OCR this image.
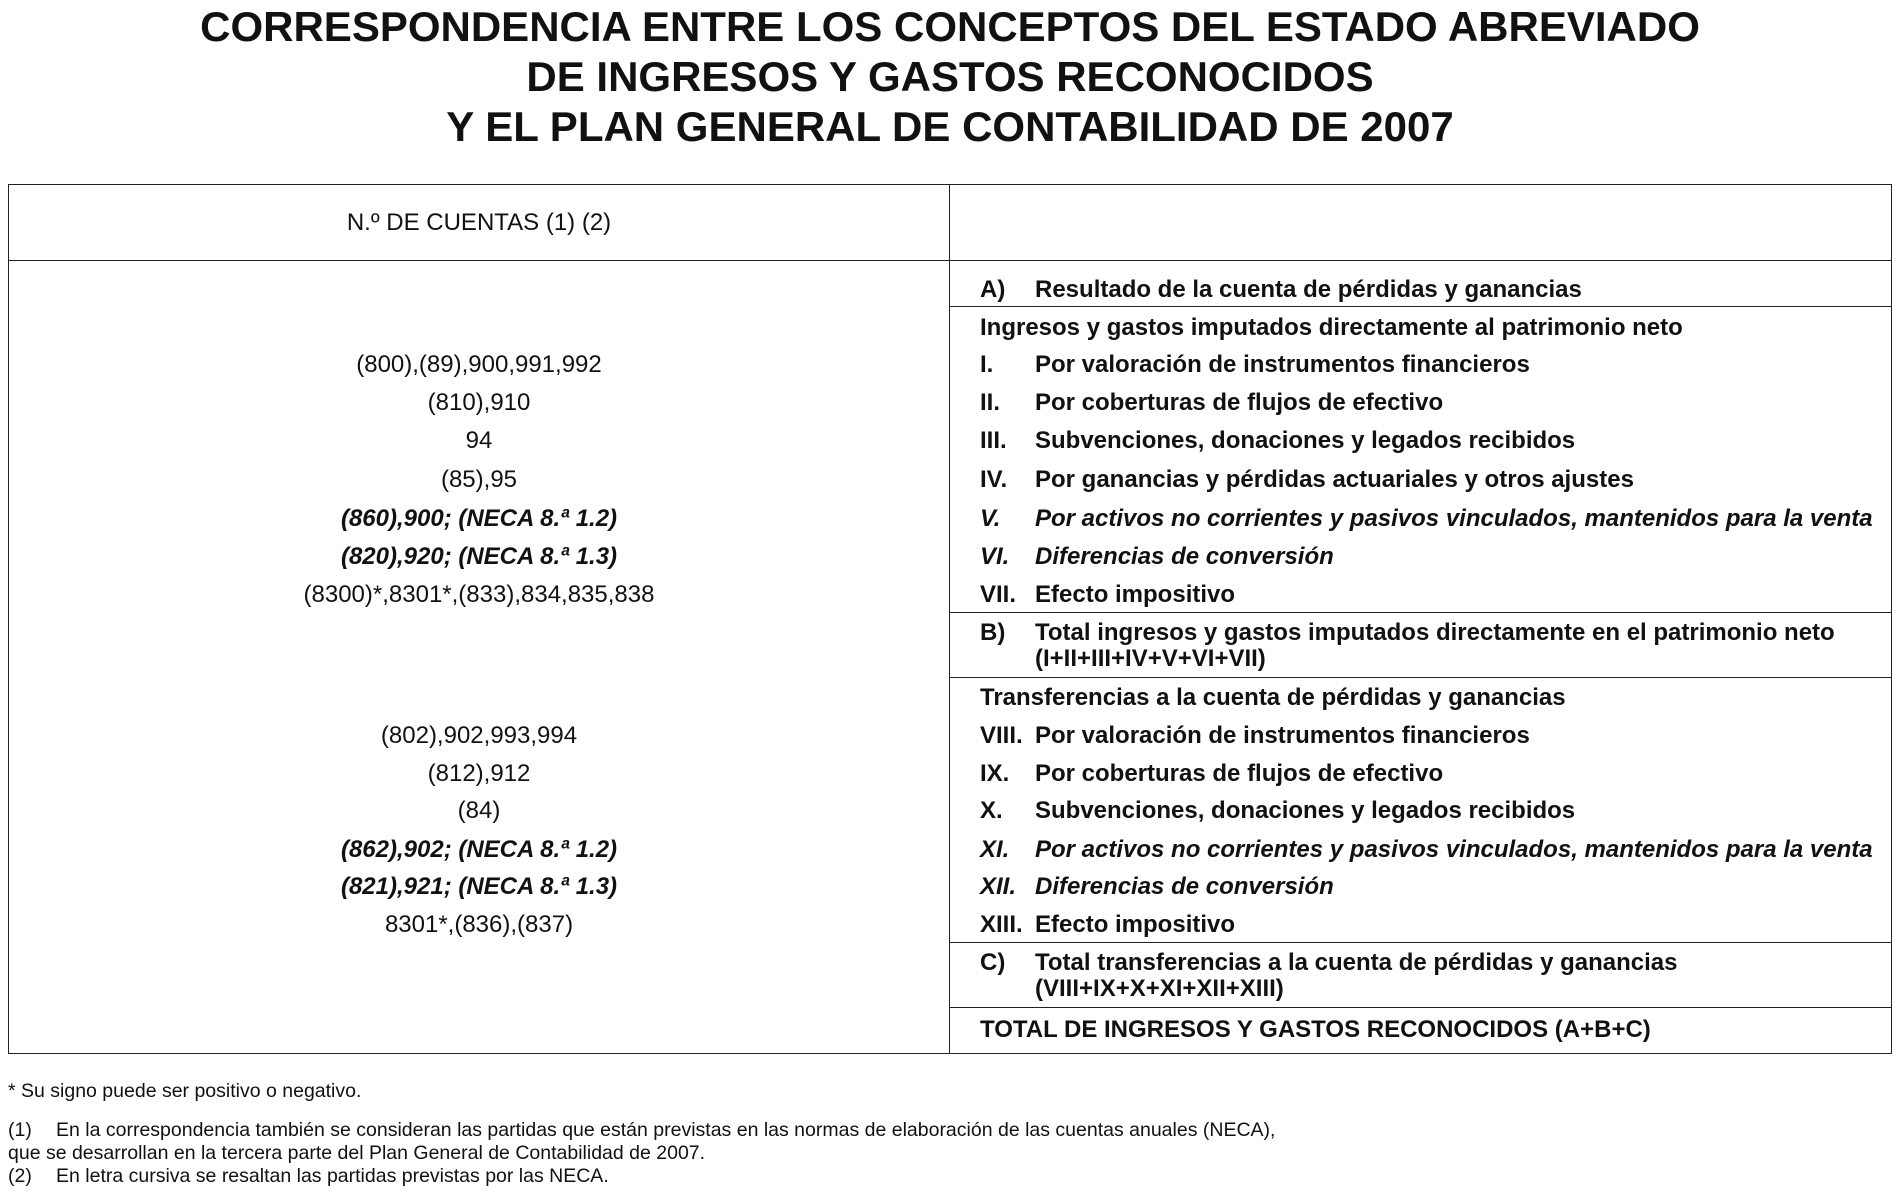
CORRESPONDENCIA ENTRE LOS CONCEPTOS DEL ESTADO ABREVIADO
DE INGRESOS Y GASTOS RECONOCIDOS
Y EL PLAN GENERAL DE CONTABILIDAD DE 2007
N.º DE CUENTAS (1) (2)
A) Resultado de la cuenta de pérdidas y ganancias
Ingresos y gastos imputados directamente al patrimonio neto
(800),(89),900,991,992	I. Por valoración de instrumentos financieros
(810),910	II. Por coberturas de flujos de efectivo
94	III. Subvenciones, donaciones y legados recibidos
(85),95	IV. Por ganancias y pérdidas actuariales y otros ajustes
(860),900; (NECA 8.ª 1.2)	V. Por activos no corrientes y pasivos vinculados, mantenidos para la venta
(820),920; (NECA 8.ª 1.3)	VI. Diferencias de conversión
(8300)*,8301*,(833),834,835,838	VII. Efecto impositivo
B) Total ingresos y gastos imputados directamente en el patrimonio neto
(I+II+III+IV+V+VI+VII)
Transferencias a la cuenta de pérdidas y ganancias
(802),902,993,994	VIII. Por valoración de instrumentos financieros
(812),912	IX. Por coberturas de flujos de efectivo
(84)	X. Subvenciones, donaciones y legados recibidos
(862),902; (NECA 8.ª 1.2)	XI. Por activos no corrientes y pasivos vinculados, mantenidos para la venta
(821),921; (NECA 8.ª 1.3)	XII. Diferencias de conversión
8301*,(836),(837)	XIII. Efecto impositivo
C) Total transferencias a la cuenta de pérdidas y ganancias
(VIII+IX+X+XI+XII+XIII)
TOTAL DE INGRESOS Y GASTOS RECONOCIDOS (A+B+C)
* Su signo puede ser positivo o negativo.
(1) En la correspondencia también se consideran las partidas que están previstas en las normas de elaboración de las cuentas anuales (NECA),
que se desarrollan en la tercera parte del Plan General de Contabilidad de 2007.
(2) En letra cursiva se resaltan las partidas previstas por las NECA.
